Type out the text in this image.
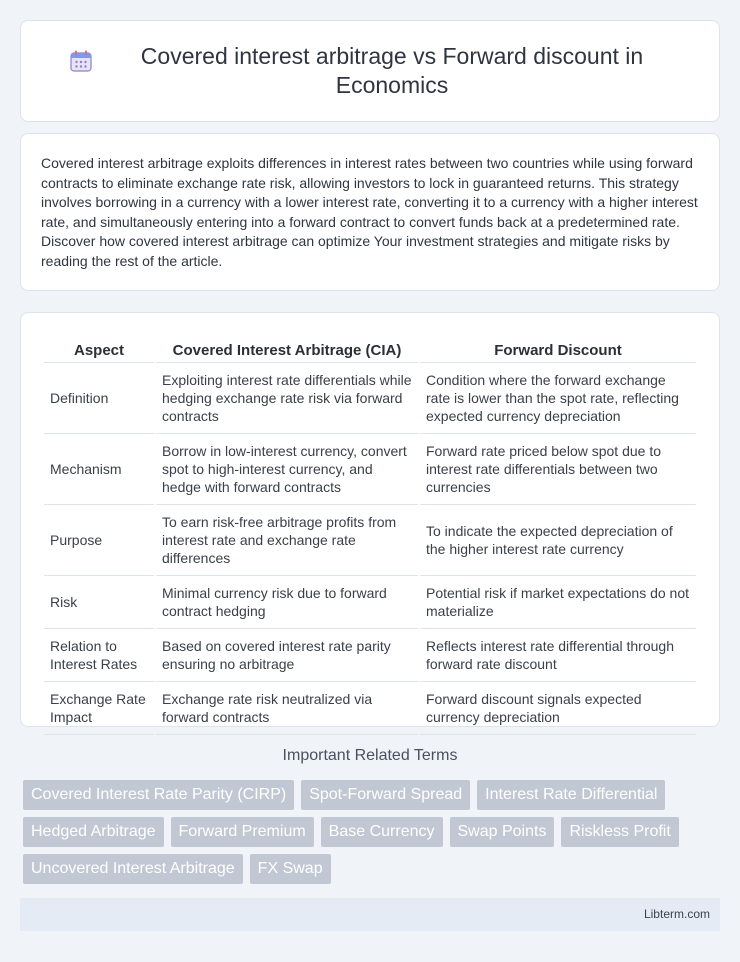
Covered interest arbitrage vs Forward discount in Economics

Covered interest arbitrage exploits differences in interest rates between two countries while using forward contracts to eliminate exchange rate risk, allowing investors to lock in guaranteed returns. This strategy involves borrowing in a currency with a lower interest rate, converting it to a currency with a higher interest rate, and simultaneously entering into a forward contract to convert funds back at a predetermined rate. Discover how covered interest arbitrage can optimize Your investment strategies and mitigate risks by reading the rest of the article.

Aspect	Covered Interest Arbitrage (CIA)	Forward Discount
Definition	Exploiting interest rate differentials while hedging exchange rate risk via forward contracts	Condition where the forward exchange rate is lower than the spot rate, reflecting expected currency depreciation
Mechanism	Borrow in low-interest currency, convert spot to high-interest currency, and hedge with forward contracts	Forward rate priced below spot due to interest rate differentials between two currencies
Purpose	To earn risk-free arbitrage profits from interest rate and exchange rate differences	To indicate the expected depreciation of the higher interest rate currency
Risk	Minimal currency risk due to forward contract hedging	Potential risk if market expectations do not materialize
Relation to Interest Rates	Based on covered interest rate parity ensuring no arbitrage	Reflects interest rate differential through forward rate discount
Exchange Rate Impact	Exchange rate risk neutralized via forward contracts	Forward discount signals expected currency depreciation
Important Related Terms
Covered Interest Rate Parity (CIRP)	Spot-Forward Spread	Interest Rate Differential
Hedged Arbitrage	Forward Premium	Base Currency	Swap Points	Riskless Profit
Uncovered Interest Arbitrage	FX Swap
Libterm.com
